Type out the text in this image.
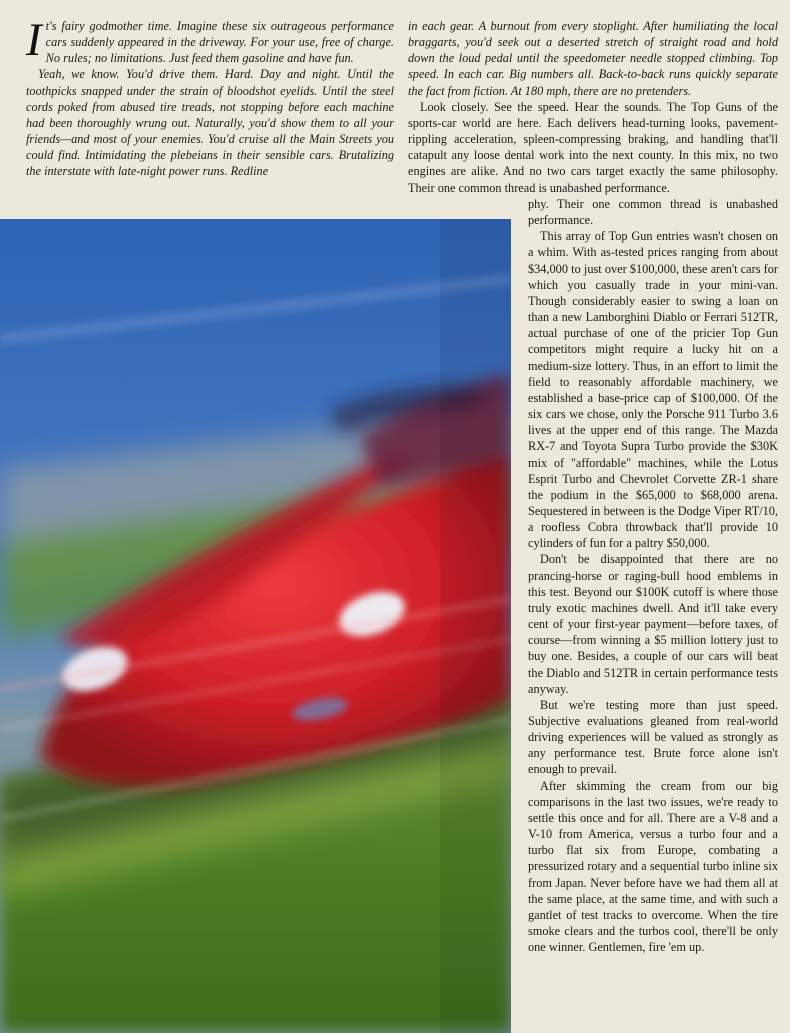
It's fairy godmother time. Imagine these six outrageous performance cars suddenly appeared in the driveway. For your use, free of charge. No rules; no limitations. Just feed them gasoline and have fun.

Yeah, we know. You'd drive them. Hard. Day and night. Until the toothpicks snapped under the strain of bloodshot eyelids. Until the steel cords poked from abused tire treads, not stopping before each machine had been thoroughly wrung out. Naturally, you'd show them to all your friends—and most of your enemies. You'd cruise all the Main Streets you could find. Intimidating the plebeians in their sensible cars. Brutalizing the interstate with late-night power runs. Redline

in each gear. A burnout from every stoplight. After humiliating the local braggarts, you'd seek out a deserted stretch of straight road and hold down the loud pedal until the speedometer needle stopped climbing. Top speed. In each car. Big numbers all. Back-to-back runs quickly separate the fact from fiction. At 180 mph, there are no pretenders.

Look closely. See the speed. Hear the sounds. The Top Guns of the sports-car world are here. Each delivers head-turning looks, pavement-rippling acceleration, spleen-compressing braking, and handling that'll catapult any loose dental work into the next county. In this mix, no two engines are alike. And no two cars target exactly the same philosophy. Their one common thread is unabashed performance.

phy. Their one common thread is unabashed performance.

This array of Top Gun entries wasn't chosen on a whim. With as-tested prices ranging from about $34,000 to just over $100,000, these aren't cars for which you casually trade in your mini-van. Though considerably easier to swing a loan on than a new Lamborghini Diablo or Ferrari 512TR, actual purchase of one of the pricier Top Gun competitors might require a lucky hit on a medium-size lottery. Thus, in an effort to limit the field to reasonably affordable machinery, we established a base-price cap of $100,000. Of the six cars we chose, only the Porsche 911 Turbo 3.6 lives at the upper end of this range. The Mazda RX-7 and Toyota Supra Turbo provide the $30K mix of "affordable" machines, while the Lotus Esprit Turbo and Chevrolet Corvette ZR-1 share the podium in the $65,000 to $68,000 arena. Sequestered in between is the Dodge Viper RT/10, a roofless Cobra throwback that'll provide 10 cylinders of fun for a paltry $50,000.

Don't be disappointed that there are no prancing-horse or raging-bull hood emblems in this test. Beyond our $100K cutoff is where those truly exotic machines dwell. And it'll take every cent of your first-year payment—before taxes, of course—from winning a $5 million lottery just to buy one. Besides, a couple of our cars will beat the Diablo and 512TR in certain performance tests anyway.

But we're testing more than just speed. Subjective evaluations gleaned from real-world driving experiences will be valued as strongly as any performance test. Brute force alone isn't enough to prevail.

After skimming the cream from our big comparisons in the last two issues, we're ready to settle this once and for all. There are a V-8 and a V-10 from America, versus a turbo four and a turbo flat six from Europe, combating a pressurized rotary and a sequential turbo inline six from Japan. Never before have we had them all at the same place, at the same time, and with such a gantlet of test tracks to overcome. When the tire smoke clears and the turbos cool, there'll be only one winner. Gentlemen, fire 'em up.
